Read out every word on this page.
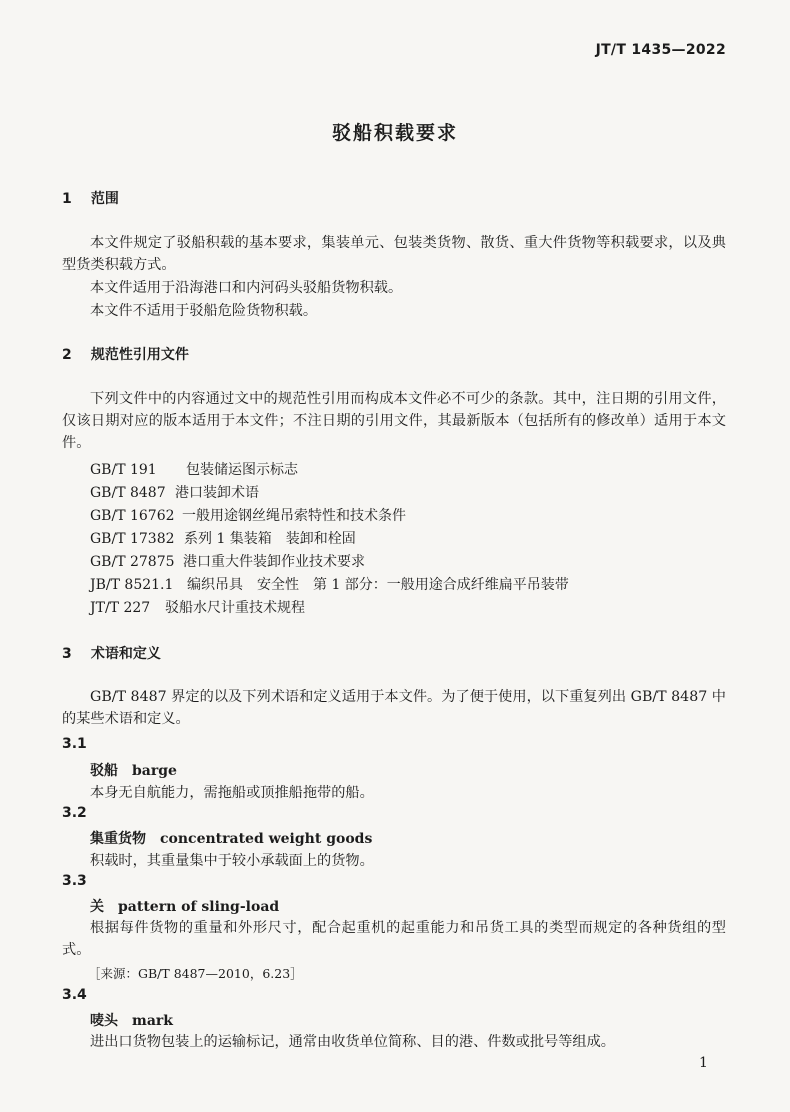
JT/T 1435—2022
驳船积载要求
1 范围
本文件规定了驳船积载的基本要求，集装单元、包装类货物、散货、重大件货物等积载要求，以及典型货类积载方式。
本文件适用于沿海港口和内河码头驳船货物积载。
本文件不适用于驳船危险货物积载。
2 规范性引用文件
下列文件中的内容通过文中的规范性引用而构成本文件必不可少的条款。其中，注日期的引用文件，仅该日期对应的版本适用于本文件；不注日期的引用文件，其最新版本（包括所有的修改单）适用于本文件。
GB/T 191 包装储运图示标志
GB/T 8487 港口装卸术语
GB/T 16762 一般用途钢丝绳吊索特性和技术条件
GB/T 17382 系列 1 集装箱　装卸和栓固
GB/T 27875 港口重大件装卸作业技术要求
JB/T 8521.1 编织吊具　安全性　第 1 部分：一般用途合成纤维扁平吊装带
JT/T 227 驳船水尺计重技术规程
3 术语和定义
GB/T 8487 界定的以及下列术语和定义适用于本文件。为了便于使用，以下重复列出 GB/T 8487 中的某些术语和定义。
3.1
驳船 barge
本身无自航能力，需拖船或顶推船拖带的船。
3.2
集重货物 concentrated weight goods
积载时，其重量集中于较小承载面上的货物。
3.3
关 pattern of sling-load
根据每件货物的重量和外形尺寸，配合起重机的起重能力和吊货工具的类型而规定的各种货组的型式。
［来源：GB/T 8487—2010，6.23］
3.4
唛头 mark
进出口货物包装上的运输标记，通常由收货单位简称、目的港、件数或批号等组成。
1
